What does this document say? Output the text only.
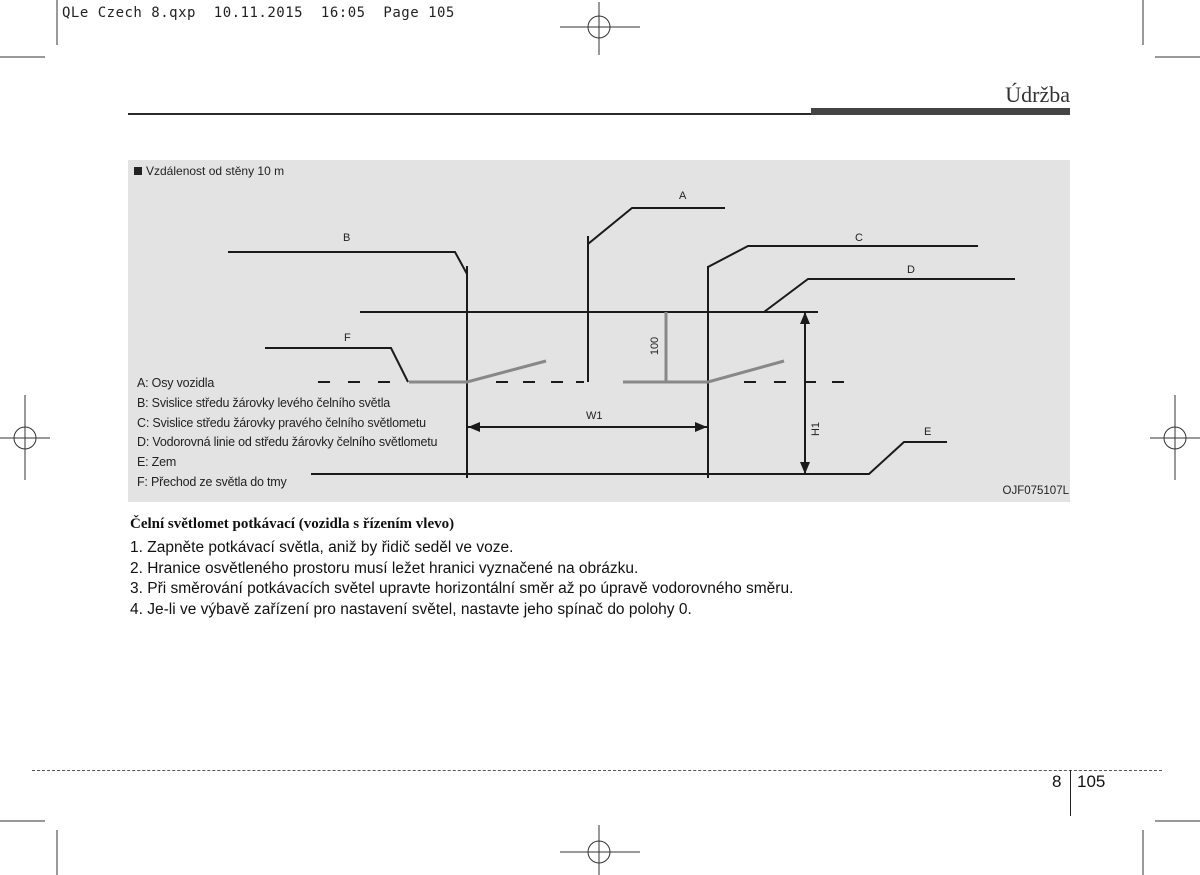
QLe Czech 8.qxp  10.11.2015  16:05  Page 105
Údržba
Vzdálenost od stěny 10 m
A
B	C
D
E
F
W1
100
H1
A: Osy vozidla
B: Svislice středu žárovky levého čelního světla
C: Svislice středu žárovky pravého čelního světlometu
D: Vodorovná linie od středu žárovky čelního světlometu
E: Zem
F: Přechod ze světla do tmy
OJF075107L
Čelní světlomet potkávací (vozidla s řízením vlevo)
1. Zapněte potkávací světla, aniž by řidič seděl ve voze.
2. Hranice osvětleného prostoru musí ležet hranici vyznačené na obrázku.
3. Při směrování potkávacích světel upravte horizontální směr až po úpravě vodorovného směru.
4. Je-li ve výbavě zařízení pro nastavení světel, nastavte jeho spínač do polohy 0.
8 105
